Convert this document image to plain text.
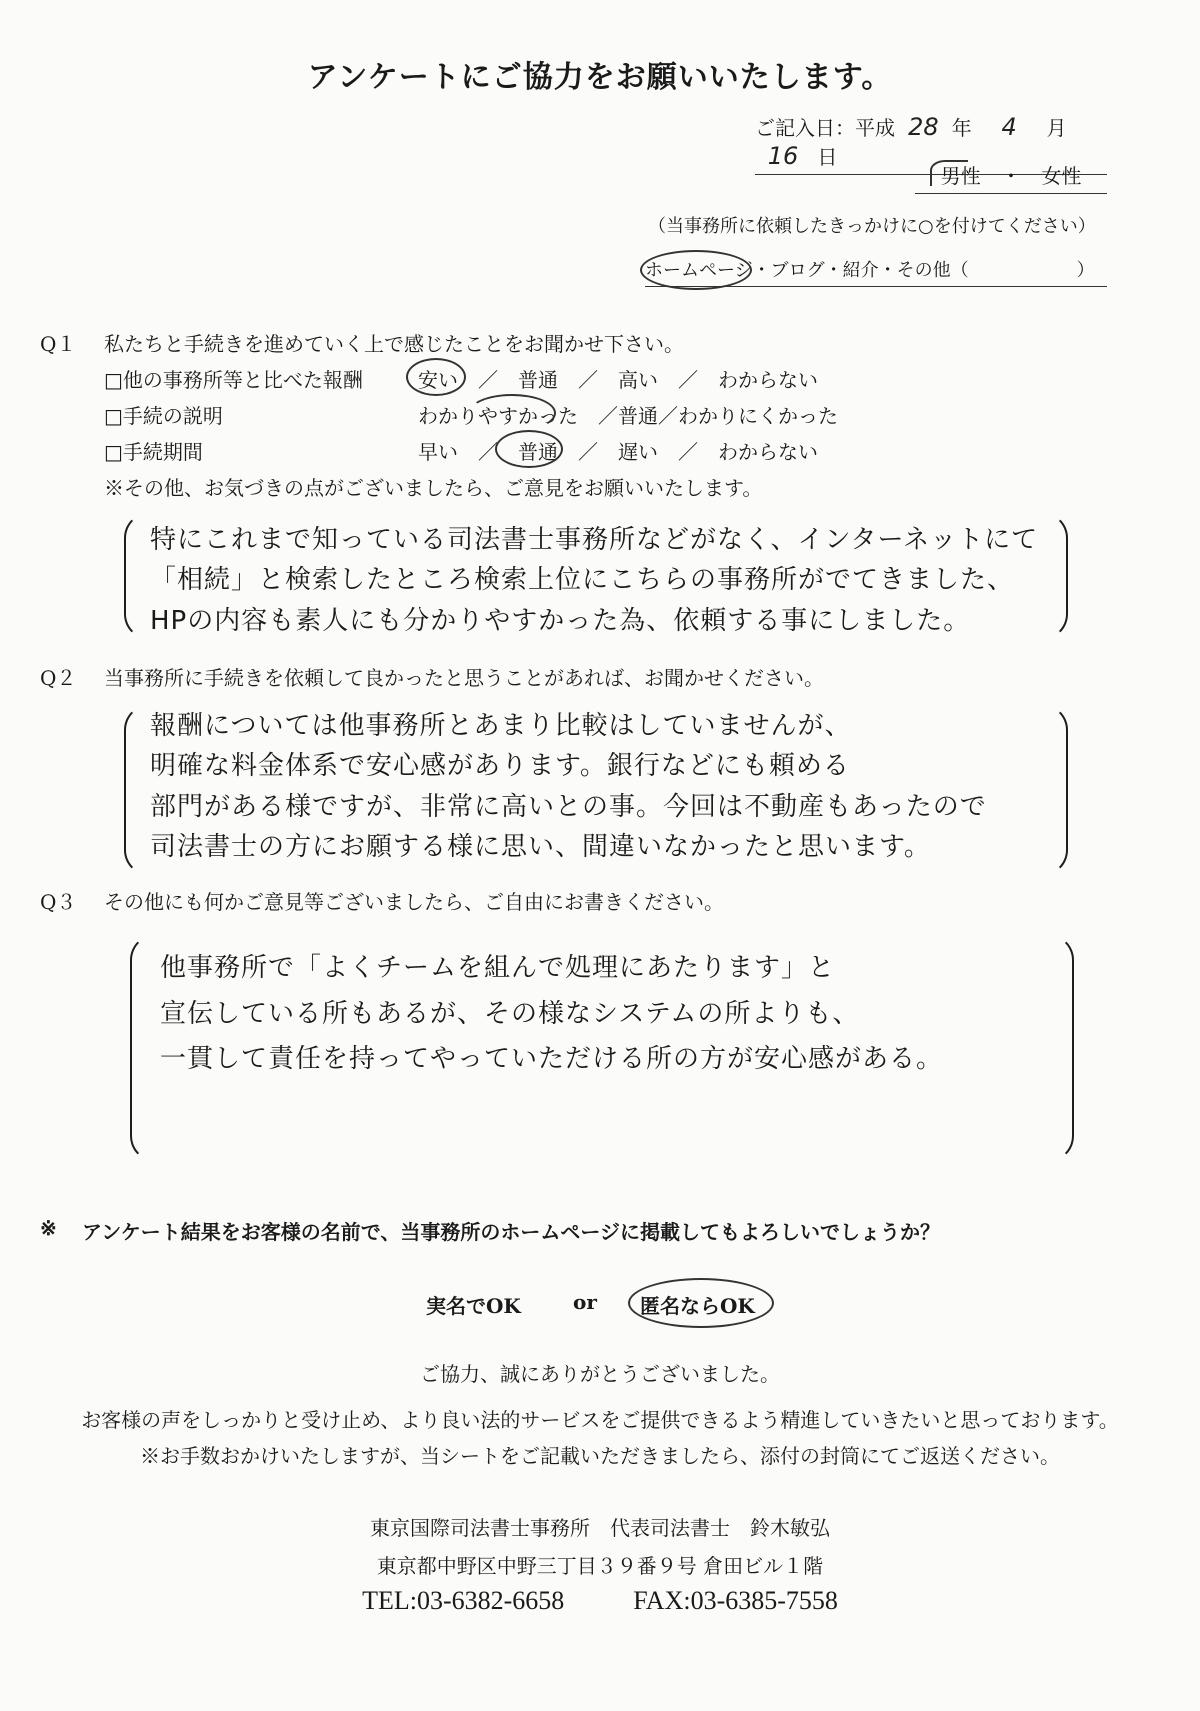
アンケートにご協力をお願いいたします。
ご記入日：平成 28 年 4 月 16 日
男性 ・ 女性
（当事務所に依頼したきっかけに○を付けてください）
ホームページ・ブログ・紹介・その他（　　　　　　）
Q１ 私たちと手続きを進めていく上で感じたことをお聞かせ下さい。
□他の事務所等と比べた報酬	安い　／　普通　／　高い　／　わからない
□手続の説明	わかりやすかった　／普通／わかりにくかった
□手続期間	早い　／　普通　／　遅い　／　わからない
※その他、お気づきの点がございましたら、ご意見をお願いいたします。
特にこれまで知っている司法書士事務所などがなく、インターネットにて
「相続」と検索したところ検索上位にこちらの事務所がでてきました、
HPの内容も素人にも分かりやすかった為、依頼する事にしました。
Q２ 当事務所に手続きを依頼して良かったと思うことがあれば、お聞かせください。
報酬については他事務所とあまり比較はしていませんが、
明確な料金体系で安心感があります。銀行などにも頼める
部門がある様ですが、非常に高いとの事。今回は不動産もあったので
司法書士の方にお願する様に思い、間違いなかったと思います。
Q３ その他にも何かご意見等ございましたら、ご自由にお書きください。
他事務所で「よくチームを組んで処理にあたります」と
宣伝している所もあるが、その様なシステムの所よりも、
一貫して責任を持ってやっていただける所の方が安心感がある。
※ アンケート結果をお客様の名前で、当事務所のホームページに掲載してもよろしいでしょうか？
実名でOK	or 匿名ならOK
ご協力、誠にありがとうございました。
お客様の声をしっかりと受け止め、より良い法的サービスをご提供できるよう精進していきたいと思っております。
※お手数おかけいたしますが、当シートをご記載いただきましたら、添付の封筒にてご返送ください。
東京国際司法書士事務所　代表司法書士　鈴木敏弘
東京都中野区中野三丁目３９番９号 倉田ビル１階
TEL:03-6382-6658	FAX:03-6385-7558
